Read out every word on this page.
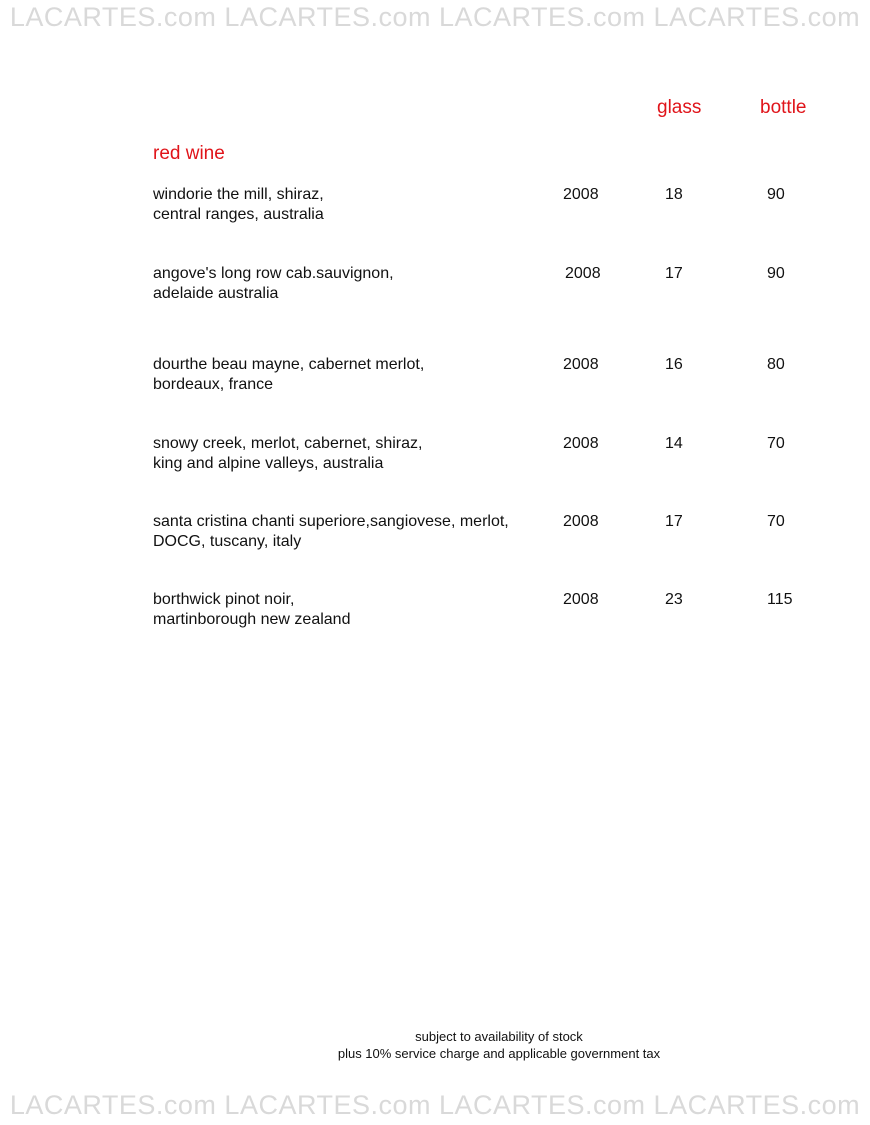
LACARTES.com LACARTES.com LACARTES.com LACARTES.com
glass	bottle
red wine
windorie the mill, shiraz,
central ranges, australia
2008	18	90
angove's long row cab.sauvignon,
adelaide australia
2008	17	90
dourthe beau mayne, cabernet merlot,
bordeaux, france
2008	16	80
snowy creek, merlot, cabernet, shiraz,
king and alpine valleys, australia
2008	14	70
santa cristina chanti superiore,sangiovese, merlot,
DOCG, tuscany, italy
2008	17	70
borthwick pinot noir,
martinborough new zealand
2008	23	115
subject to availability of stock
plus 10% service charge and applicable government tax
LACARTES.com LACARTES.com LACARTES.com LACARTES.com
